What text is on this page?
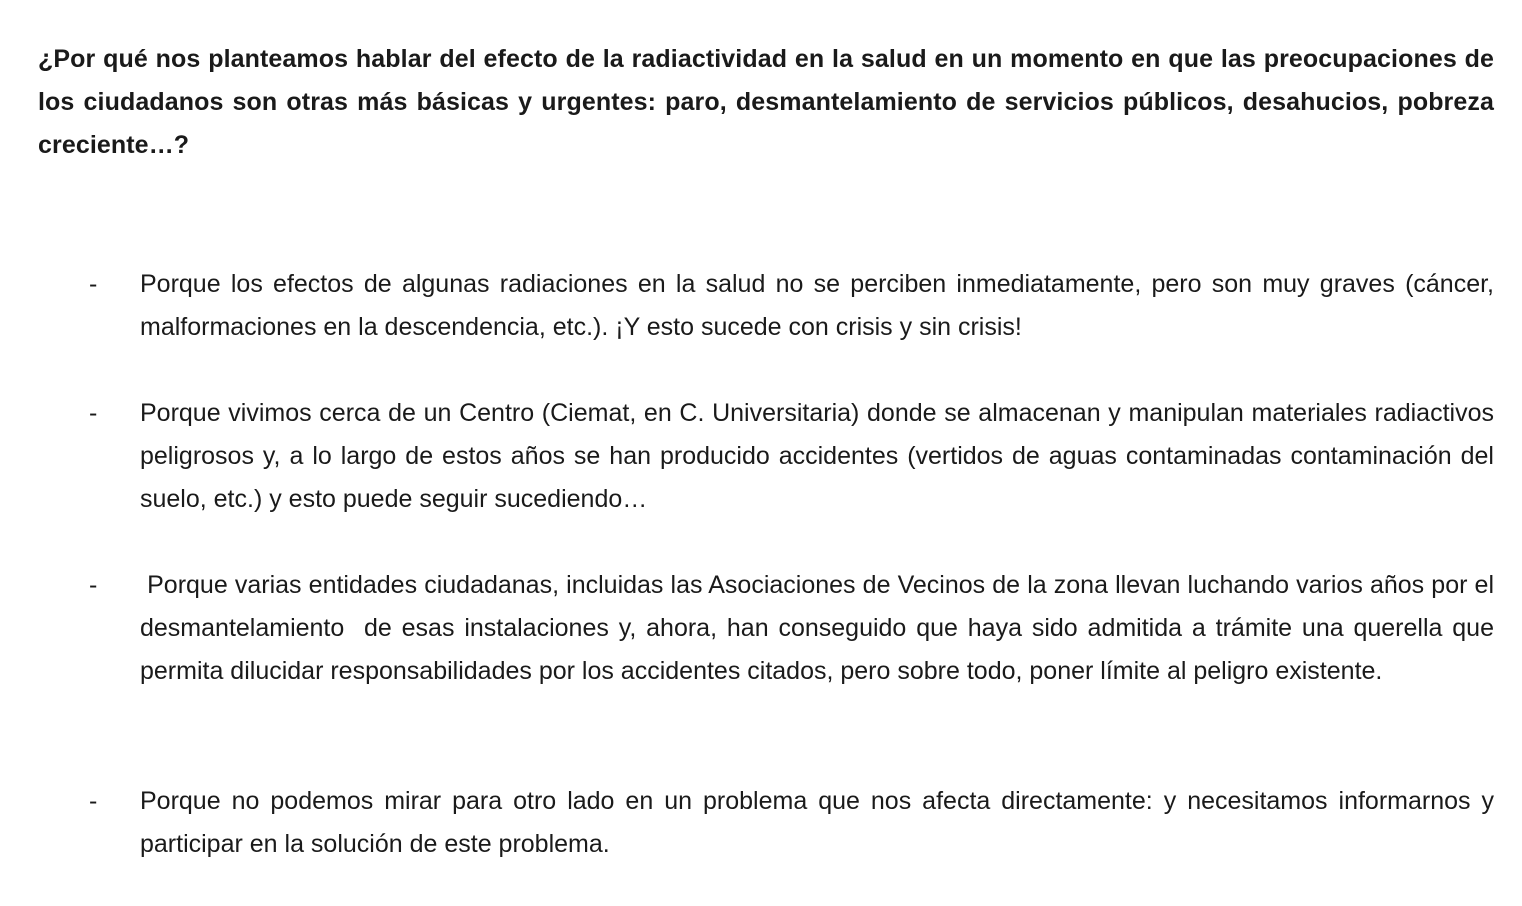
¿Por qué nos planteamos hablar del efecto de la radiactividad en la salud en un momento en que las preocupaciones de los ciudadanos son otras más básicas y urgentes: paro, desmantelamiento de servicios públicos, desahucios, pobreza creciente…?

- Porque los efectos de algunas radiaciones en la salud no se perciben inmediatamente, pero son muy graves (cáncer, malformaciones en la descendencia, etc.). ¡Y esto sucede con crisis y sin crisis!

- Porque vivimos cerca de un Centro (Ciemat, en C. Universitaria) donde se almacenan y manipulan materiales radiactivos peligrosos y, a lo largo de estos años se han producido accidentes (vertidos de aguas contaminadas contaminación del suelo, etc.) y esto puede seguir sucediendo…

- Porque varias entidades ciudadanas, incluidas las Asociaciones de Vecinos de la zona llevan luchando varios años por el desmantelamiento  de esas instalaciones y, ahora, han conseguido que haya sido admitida a trámite una querella que permita dilucidar responsabilidades por los accidentes citados, pero sobre todo, poner límite al peligro existente.

- Porque no podemos mirar para otro lado en un problema que nos afecta directamente: y necesitamos informarnos y participar en la solución de este problema.
